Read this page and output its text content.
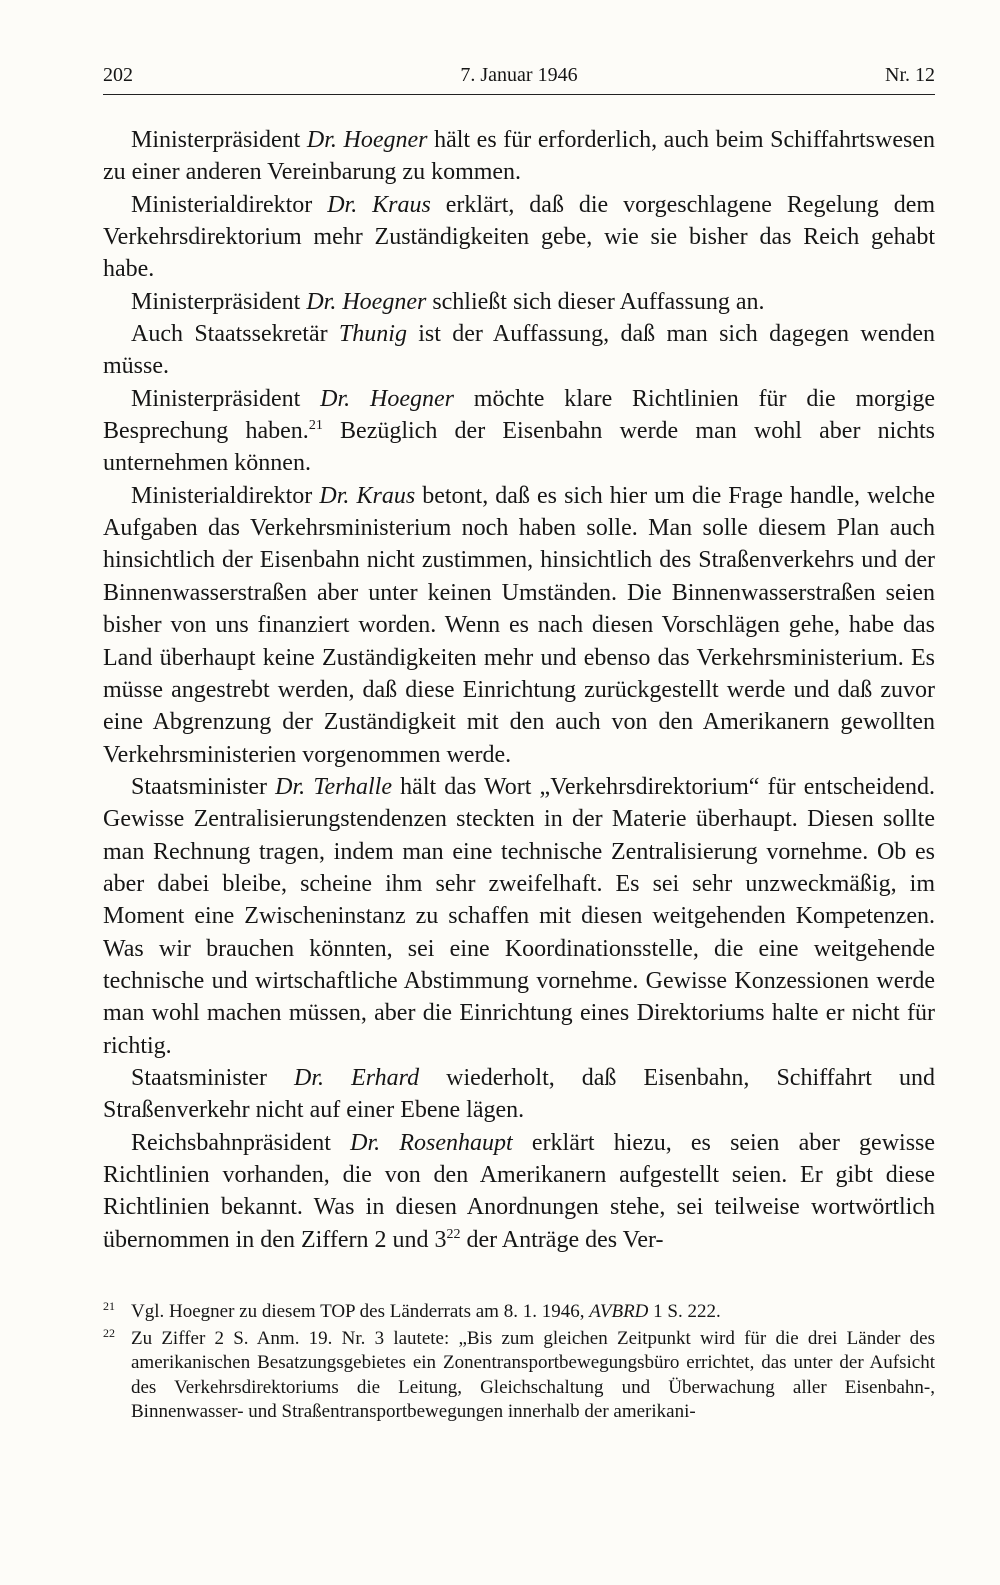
7. Januar 1946
202	Nr. 12

Ministerpräsident Dr. Hoegner hält es für erforderlich, auch beim Schiffahrtswesen zu einer anderen Vereinbarung zu kommen.

Ministerialdirektor Dr. Kraus erklärt, daß die vorgeschlagene Regelung dem Verkehrsdirektorium mehr Zuständigkeiten gebe, wie sie bisher das Reich gehabt habe.

Ministerpräsident Dr. Hoegner schließt sich dieser Auffassung an.

Auch Staatssekretär Thunig ist der Auffassung, daß man sich dagegen wenden müsse.

Ministerpräsident Dr. Hoegner möchte klare Richtlinien für die morgige Besprechung haben.$^{21}$ Bezüglich der Eisenbahn werde man wohl aber nichts unternehmen können.

Ministerialdirektor Dr. Kraus betont, daß es sich hier um die Frage handle, welche Aufgaben das Verkehrsministerium noch haben solle. Man solle diesem Plan auch hinsichtlich der Eisenbahn nicht zustimmen, hinsichtlich des Straßenverkehrs und der Binnenwasserstraßen aber unter keinen Umständen. Die Binnenwasserstraßen seien bisher von uns finanziert worden. Wenn es nach diesen Vorschlägen gehe, habe das Land überhaupt keine Zuständigkeiten mehr und ebenso das Verkehrsministerium. Es müsse angestrebt werden, daß diese Einrichtung zurückgestellt werde und daß zuvor eine Abgrenzung der Zuständigkeit mit den auch von den Amerikanern gewollten Verkehrsministerien vorgenommen werde.

Staatsminister Dr. Terhalle hält das Wort „Verkehrsdirektorium“ für entscheidend. Gewisse Zentralisierungstendenzen steckten in der Materie überhaupt. Diesen sollte man Rechnung tragen, indem man eine technische Zentralisierung vornehme. Ob es aber dabei bleibe, scheine ihm sehr zweifelhaft. Es sei sehr unzweckmäßig, im Moment eine Zwischeninstanz zu schaffen mit diesen weitgehenden Kompetenzen. Was wir brauchen könnten, sei eine Koordinationsstelle, die eine weitgehende technische und wirtschaftliche Abstimmung vornehme. Gewisse Konzessionen werde man wohl machen müssen, aber die Einrichtung eines Direktoriums halte er nicht für richtig.

Staatsminister Dr. Erhard wiederholt, daß Eisenbahn, Schiffahrt und Straßenverkehr nicht auf einer Ebene lägen.

Reichsbahnpräsident Dr. Rosenhaupt erklärt hiezu, es seien aber gewisse Richtlinien vorhanden, die von den Amerikanern aufgestellt seien. Er gibt diese Richtlinien bekannt. Was in diesen Anordnungen stehe, sei teilweise wortwörtlich übernommen in den Ziffern 2 und $3^{22}$ der Anträge des Ver-

$^{21}$ Vgl. Hoegner zu diesem TOP des Länderrats am 8. 1. 1946, AVBRD 1 S. 222.

$^{22}$ Zu Ziffer 2 S. Anm. 19. Nr. 3 lautete: „Bis zum gleichen Zeitpunkt wird für die drei Länder des amerikanischen Besatzungsgebietes ein Zonentransportbewegungsbüro errichtet, das unter der Aufsicht des Verkehrsdirektoriums die Leitung, Gleichschaltung und Überwachung aller Eisenbahn-, Binnenwasser- und Straßentransportbewegungen innerhalb der amerikani-
